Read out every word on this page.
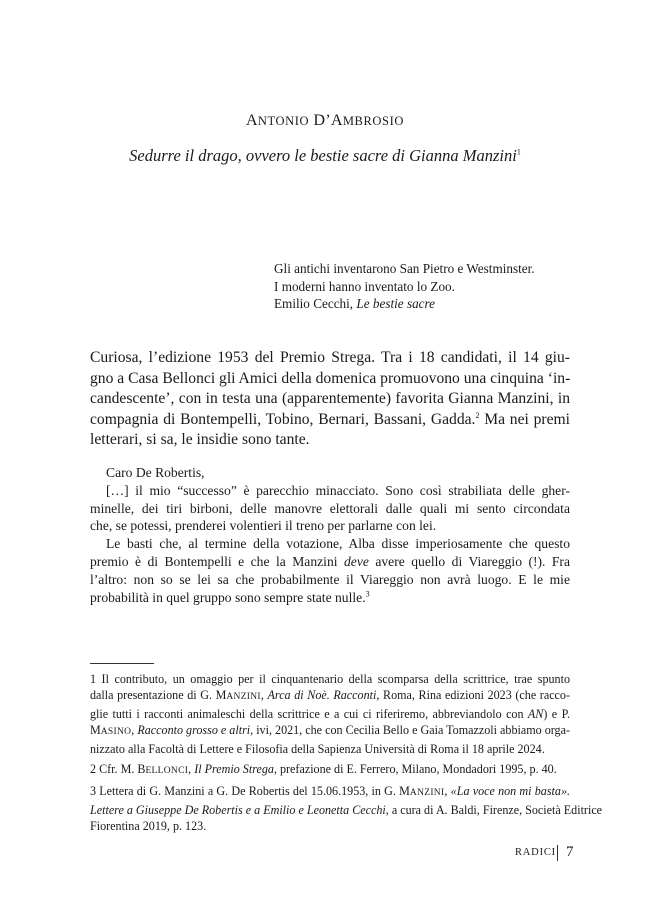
ANTONIO D’AMBROSIO
Sedurre il drago, ovvero le bestie sacre di Gianna Manzini$^1$
Gli antichi inventarono San Pietro e Westminster.
I moderni hanno inventato lo Zoo.
Emilio Cecchi, Le bestie sacre
Curiosa, l’edizione 1953 del Premio Strega. Tra i 18 candidati, il 14 giu-
gno a Casa Bellonci gli Amici della domenica promuovono una cinquina ‘in-
candescente’, con in testa una (apparentemente) favorita Gianna Manzini, in
compagnia di Bontempelli, Tobino, Bernari, Bassani, Gadda.$^2$ Ma nei premi
letterari, si sa, le insidie sono tante.
Caro De Robertis,
[…] il mio “successo” è parecchio minacciato. Sono così strabiliata delle gher-
minelle, dei tiri birboni, delle manovre elettorali dalle quali mi sento circondata
che, se potessi, prenderei volentieri il treno per parlarne con lei.
Le basti che, al termine della votazione, Alba disse imperiosamente che questo
premio è di Bontempelli e che la Manzini deve avere quello di Viareggio (!). Fra
l’altro: non so se lei sa che probabilmente il Viareggio non avrà luogo. E le mie
probabilità in quel gruppo sono sempre state nulle.$^3$
1 Il contributo, un omaggio per il cinquantenario della scomparsa della scrittrice, trae spunto
dalla presentazione di G. MANZINI, Arca di Noè. Racconti, Roma, Rina edizioni 2023 (che racco-
glie tutti i racconti animaleschi della scrittrice e a cui ci riferiremo, abbreviandolo con AN) e P.
MASINO, Racconto grosso e altri, ivi, 2021, che con Cecilia Bello e Gaia Tomazzoli abbiamo orga-
nizzato alla Facoltà di Lettere e Filosofia della Sapienza Università di Roma il 18 aprile 2024.
2 Cfr. M. BELLONCI, Il Premio Strega, prefazione di E. Ferrero, Milano, Mondadori 1995, p. 40.
3 Lettera di G. Manzini a G. De Robertis del 15.06.1953, in G. MANZINI, «La voce non mi basta».
Lettere a Giuseppe De Robertis e a Emilio e Leonetta Cecchi, a cura di A. Baldi, Firenze, Società Editrice
Fiorentina 2019, p. 123.
RADICI 7
